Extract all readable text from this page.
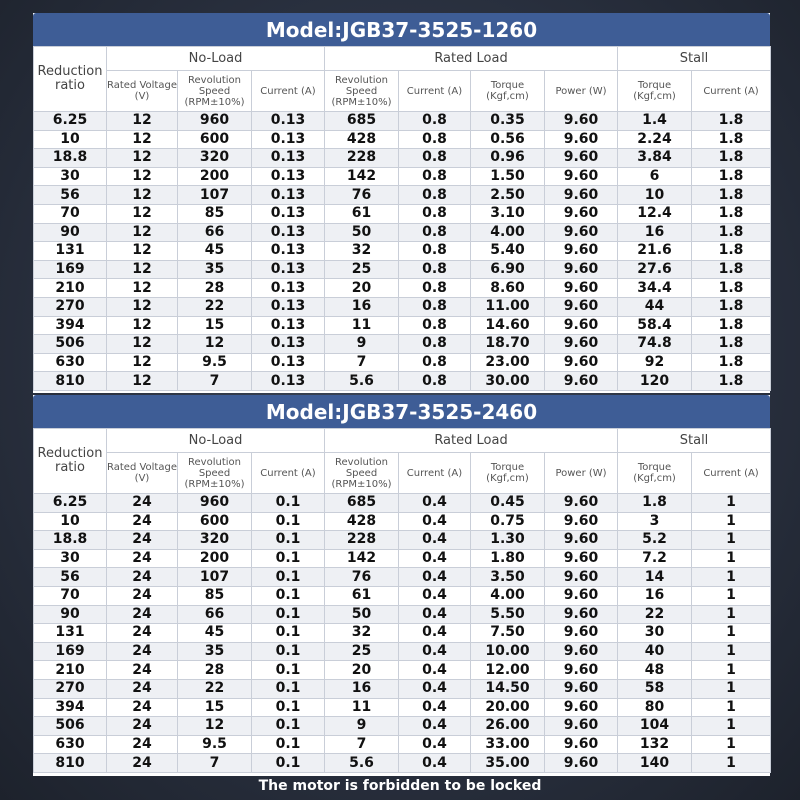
Model:JGB37-3525-1260
Reduction ratio	No-Load			Rated Load				Stall	
	Rated Voltage (V)	Revolution Speed (RPM±10%)	Current (A)	Revolution Speed (RPM±10%)	Current (A)	Torque (Kgf,cm)	Power (W)	Torque (Kgf,cm)	Current (A)
6.25	12	960	0.13	685	0.8	0.35	9.60	1.4	1.8
10	12	600	0.13	428	0.8	0.56	9.60	2.24	1.8
18.8	12	320	0.13	228	0.8	0.96	9.60	3.84	1.8
30	12	200	0.13	142	0.8	1.50	9.60	6	1.8
56	12	107	0.13	76	0.8	2.50	9.60	10	1.8
70	12	85	0.13	61	0.8	3.10	9.60	12.4	1.8
90	12	66	0.13	50	0.8	4.00	9.60	16	1.8
131	12	45	0.13	32	0.8	5.40	9.60	21.6	1.8
169	12	35	0.13	25	0.8	6.90	9.60	27.6	1.8
210	12	28	0.13	20	0.8	8.60	9.60	34.4	1.8
270	12	22	0.13	16	0.8	11.00	9.60	44	1.8
394	12	15	0.13	11	0.8	14.60	9.60	58.4	1.8
506	12	12	0.13	9	0.8	18.70	9.60	74.8	1.8
630	12	9.5	0.13	7	0.8	23.00	9.60	92	1.8
810	12	7	0.13	5.6	0.8	30.00	9.60	120	1.8
Model:JGB37-3525-2460
Reduction ratio	No-Load			Rated Load				Stall	
	Rated Voltage (V)	Revolution Speed (RPM±10%)	Current (A)	Revolution Speed (RPM±10%)	Current (A)	Torque (Kgf,cm)	Power (W)	Torque (Kgf,cm)	Current (A)
6.25	24	960	0.1	685	0.4	0.45	9.60	1.8	1
10	24	600	0.1	428	0.4	0.75	9.60	3	1
18.8	24	320	0.1	228	0.4	1.30	9.60	5.2	1
30	24	200	0.1	142	0.4	1.80	9.60	7.2	1
56	24	107	0.1	76	0.4	3.50	9.60	14	1
70	24	85	0.1	61	0.4	4.00	9.60	16	1
90	24	66	0.1	50	0.4	5.50	9.60	22	1
131	24	45	0.1	32	0.4	7.50	9.60	30	1
169	24	35	0.1	25	0.4	10.00	9.60	40	1
210	24	28	0.1	20	0.4	12.00	9.60	48	1
270	24	22	0.1	16	0.4	14.50	9.60	58	1
394	24	15	0.1	11	0.4	20.00	9.60	80	1
506	24	12	0.1	9	0.4	26.00	9.60	104	1
630	24	9.5	0.1	7	0.4	33.00	9.60	132	1
810	24	7	0.1	5.6	0.4	35.00	9.60	140	1
The motor is forbidden to be locked
